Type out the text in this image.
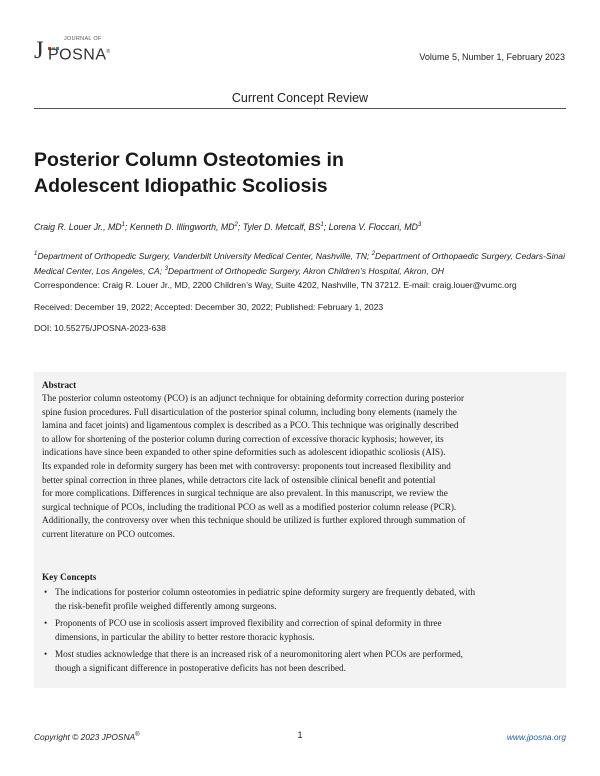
JOURNAL OF
J POSNA®	Volume 5, Number 1, February 2023
Current Concept Review
Posterior Column Osteotomies in
Adolescent Idiopathic Scoliosis
Craig R. Louer Jr., $MD^1$; Kenneth D. Illingworth, $MD^2$; Tyler D. Metcalf, $BS^1$; Lorena V. Floccari, $MD^3$
$^1$Department of Orthopedic Surgery, Vanderbilt University Medical Center, Nashville, TN; $^2$Department of Orthopaedic Surgery, Cedars-Sinai Medical Center, Los Angeles, CA; $^3$Department of Orthopedic Surgery, Akron Children’s Hospital, Akron, OH
Correspondence: Craig R. Louer Jr., MD, 2200 Children’s Way, Suite 4202, Nashville, TN 37212. E-mail: craig.louer@vumc.org
Received: December 19, 2022; Accepted: December 30, 2022; Published: February 1, 2023
DOI: 10.55275/JPOSNA-2023-638
Abstract
The posterior column osteotomy (PCO) is an adjunct technique for obtaining deformity correction during posterior
spine fusion procedures. Full disarticulation of the posterior spinal column, including bony elements (namely the
lamina and facet joints) and ligamentous complex is described as a PCO. This technique was originally described
to allow for shortening of the posterior column during correction of excessive thoracic kyphosis; however, its
indications have since been expanded to other spine deformities such as adolescent idiopathic scoliosis (AIS).
Its expanded role in deformity surgery has been met with controversy: proponents tout increased flexibility and
better spinal correction in three planes, while detractors cite lack of ostensible clinical benefit and potential
for more complications. Differences in surgical technique are also prevalent. In this manuscript, we review the
surgical technique of PCOs, including the traditional PCO as well as a modified posterior column release (PCR).
Additionally, the controversy over when this technique should be utilized is further explored through summation of
current literature on PCO outcomes.
Key Concepts
• The indications for posterior column osteotomies in pediatric spine deformity surgery are frequently debated, with
the risk-benefit profile weighed differently among surgeons.
• Proponents of PCO use in scoliosis assert improved flexibility and correction of spinal deformity in three
dimensions, in particular the ability to better restore thoracic kyphosis.
• Most studies acknowledge that there is an increased risk of a neuromonitoring alert when PCOs are performed,
though a significant difference in postoperative deficits has not been described.
Copyright © 2023 JPOSNA®	1	www.jposna.org
